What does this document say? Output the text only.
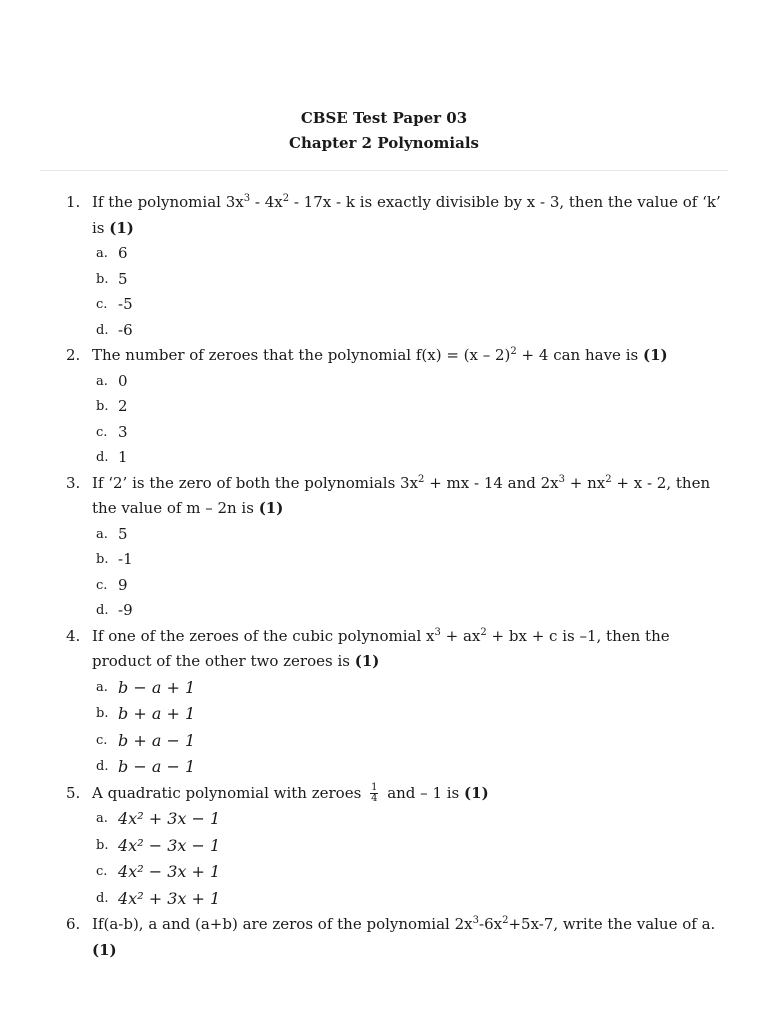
CBSE Test Paper 03
Chapter 2 Polynomials
1. If the polynomial $3x^3 - 4x^2 - 17x$ - k is exactly divisible by x - 3, then the value of ‘k’ is (1)
a. 6
b. 5
c. -5
d. -6
2. The number of zeroes that the polynomial f(x) = (x – 2)$^2$ + 4 can have is (1)
a. 0
b. 2
c. 3
d. 1
3. If ‘2’ is the zero of both the polynomials $3x^2$ + mx - 14 and $2x^3 + nx^2 + x - 2$, then the value of m – 2n is (1)
a. 5
b. -1
c. 9
d. -9
4. If one of the zeroes of the cubic polynomial $x^3 + ax^2$ + bx + c is –1, then the product of the other two zeroes is (1)
a. b − a + 1
b. b + a + 1
c. b + a − 1
d. b − a − 1
5. A quadratic polynomial with zeroes $\frac{1}{4}$ and – 1 is (1)
a. 4x² + 3x − 1
b. 4x² − 3x − 1
c. 4x² − 3x + 1
d. 4x² + 3x + 1
6. If(a-b), a and (a+b) are zeros of the polynomial $2x^3-6x^2+5x-7$, write the value of a. (1)
